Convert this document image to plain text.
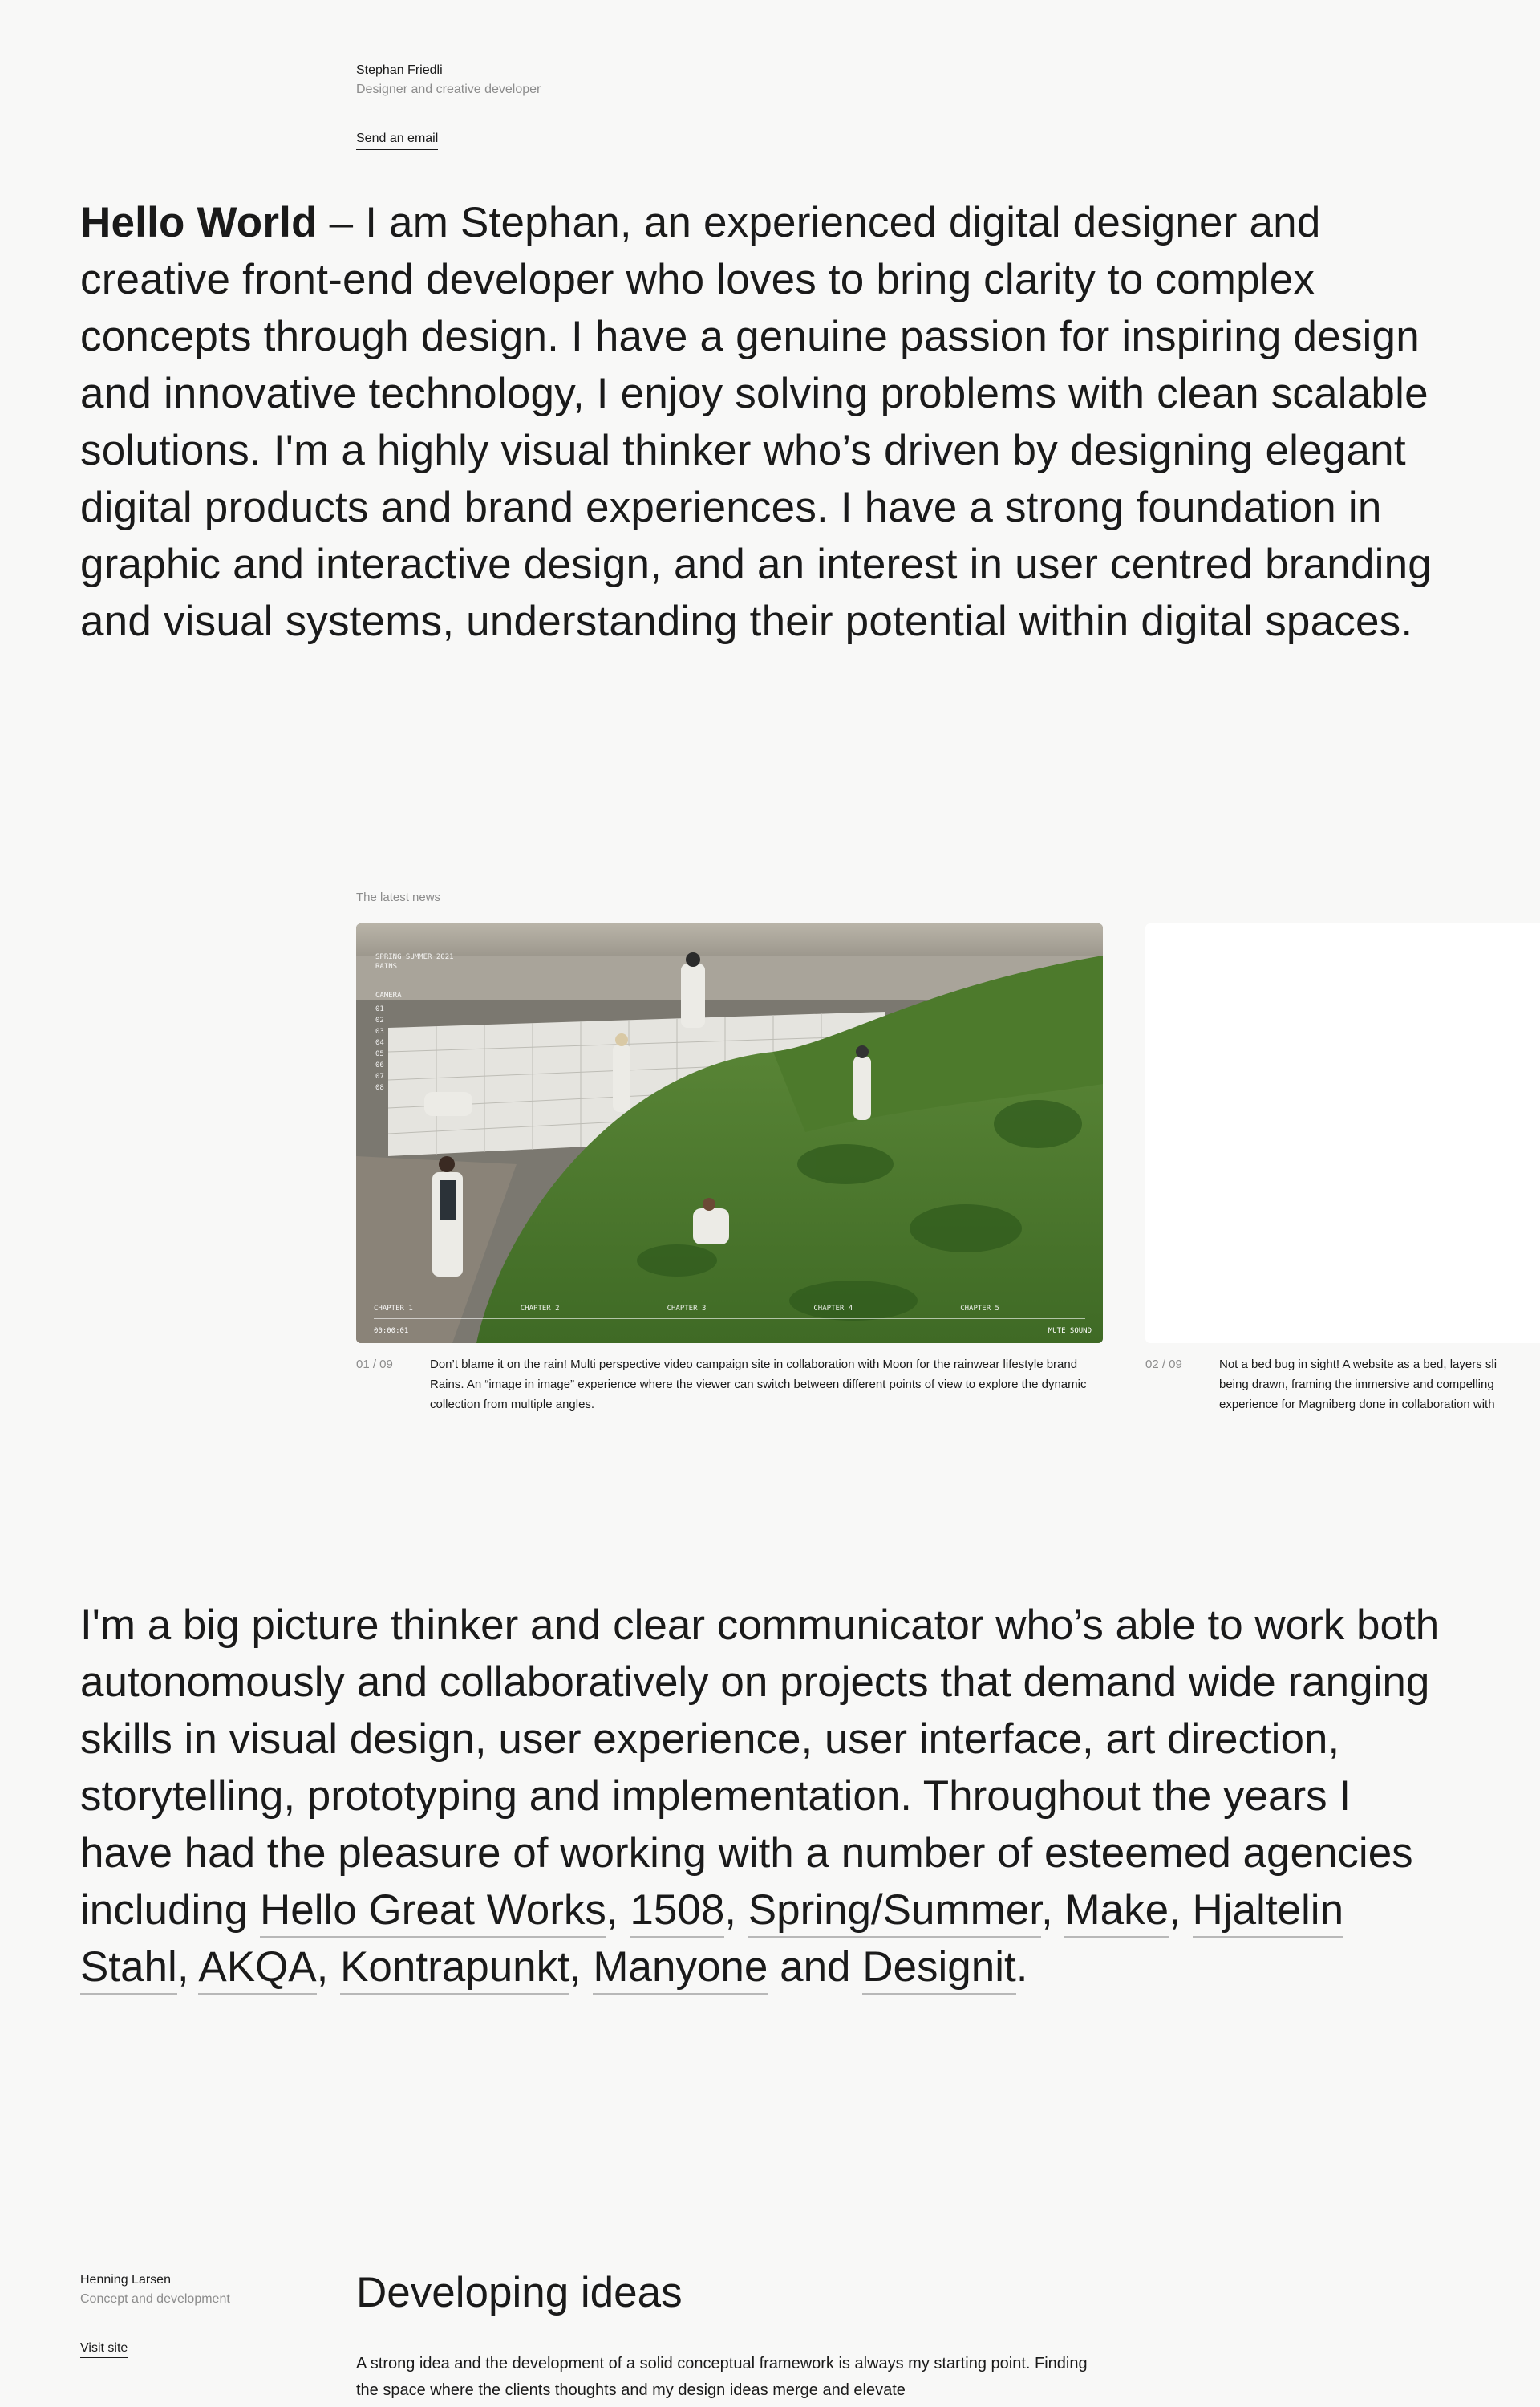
Stephan Friedli
Designer and creative developer
Send an email
Hello World – I am Stephan, an experienced digital designer and creative front-end developer who loves to bring clarity to complex concepts through design. I have a genuine passion for inspiring design and innovative technology, I enjoy solving problems with clean scalable solutions. I'm a highly visual thinker who’s driven by designing elegant digital products and brand experiences. I have a strong foundation in graphic and interactive design, and an interest in user centred branding and visual systems, understanding their potential within digital spaces.
The latest news
SPRING SUMMER 2021
RAINS
CAMERA
01
02
03
04
05
06
07
08
CHAPTER 1	CHAPTER 2	CHAPTER 3	CHAPTER 4	CHAPTER 5
00:00:01	MUTE SOUND
01 / 09	Don’t blame it on the rain! Multi perspective video campaign site in collaboration with Moon for the rainwear lifestyle brand Rains. An “image in image” experience where the viewer can switch between different points of view to explore the dynamic collection from multiple angles.
02 / 09	Not a bed bug in sight! A website as a bed, layers sli
being drawn, framing the immersive and compelling
experience for Magniberg done in collaboration with
I'm a big picture thinker and clear communicator who’s able to work both autonomously and collaboratively on projects that demand wide ranging skills in visual design, user experience, user interface, art direction, storytelling, prototyping and implementation. Throughout the years I have had the pleasure of working with a number of esteemed agencies including Hello Great Works, 1508, Spring/Summer, Make, Hjaltelin Stahl, AKQA, Kontrapunkt, Manyone and Designit.
Henning Larsen
Concept and development
Visit site
Developing ideas
A strong idea and the development of a solid conceptual framework is always my starting point. Finding the space where the clients thoughts and my design ideas merge and elevate
